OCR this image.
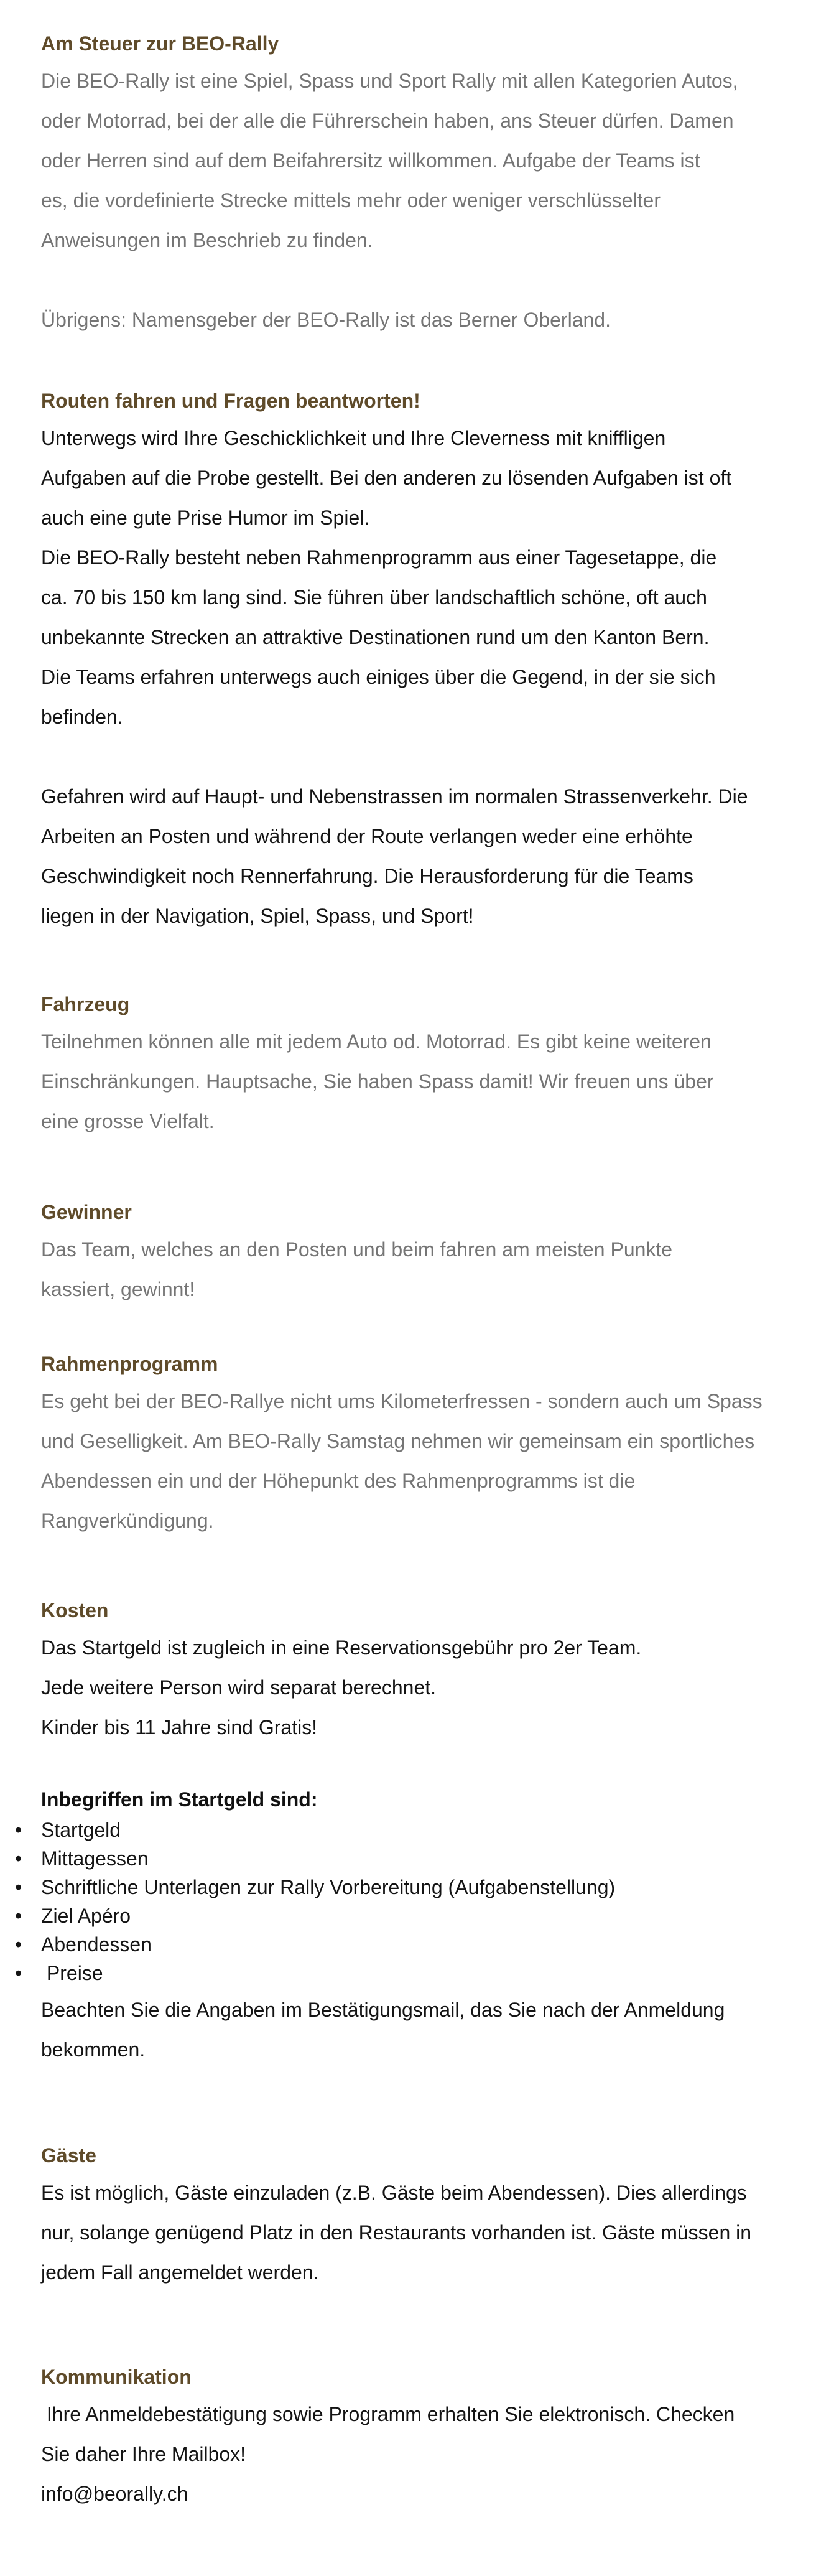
Am Steuer zur BEO-Rally

Die BEO-Rally ist eine Spiel, Spass und Sport Rally mit allen Kategorien Autos,

oder Motorrad, bei der alle die Führerschein haben, ans Steuer dürfen. Damen

oder Herren sind auf dem Beifahrersitz willkommen. Aufgabe der Teams ist

es, die vordefinierte Strecke mittels mehr oder weniger verschlüsselter

Anweisungen im Beschrieb zu finden.

Übrigens: Namensgeber der BEO-Rally ist das Berner Oberland.

Routen fahren und Fragen beantworten!

Unterwegs wird Ihre Geschicklichkeit und Ihre Cleverness mit kniffligen

Aufgaben auf die Probe gestellt. Bei den anderen zu lösenden Aufgaben ist oft

auch eine gute Prise Humor im Spiel.

Die BEO-Rally besteht neben Rahmenprogramm aus einer Tagesetappe, die

ca. 70 bis 150 km lang sind. Sie führen über landschaftlich schöne, oft auch

unbekannte Strecken an attraktive Destinationen rund um den Kanton Bern.

Die Teams erfahren unterwegs auch einiges über die Gegend, in der sie sich

befinden.

Gefahren wird auf Haupt- und Nebenstrassen im normalen Strassenverkehr. Die

Arbeiten an Posten und während der Route verlangen weder eine erhöhte

Geschwindigkeit noch Rennerfahrung. Die Herausforderung für die Teams

liegen in der Navigation, Spiel, Spass, und Sport!

Fahrzeug

Teilnehmen können alle mit jedem Auto od. Motorrad. Es gibt keine weiteren

Einschränkungen. Hauptsache, Sie haben Spass damit! Wir freuen uns über

eine grosse Vielfalt.

Gewinner

Das Team, welches an den Posten und beim fahren am meisten Punkte

kassiert, gewinnt!

Rahmenprogramm

Es geht bei der BEO-Rallye nicht ums Kilometerfressen - sondern auch um Spass

und Geselligkeit. Am BEO-Rally Samstag nehmen wir gemeinsam ein sportliches

Abendessen ein und der Höhepunkt des Rahmenprogramms ist die

Rangverkündigung.

Kosten

Das Startgeld ist zugleich in eine Reservationsgebühr pro 2er Team.

Jede weitere Person wird separat berechnet.

Kinder bis 11 Jahre sind Gratis!

Inbegriffen im Startgeld sind:

• Startgeld
• Mittagessen
• Schriftliche Unterlagen zur Rally Vorbereitung (Aufgabenstellung)
• Ziel Apéro
• Abendessen
• Preise

Beachten Sie die Angaben im Bestätigungsmail, das Sie nach der Anmeldung

bekommen.

Gäste

Es ist möglich, Gäste einzuladen (z.B. Gäste beim Abendessen). Dies allerdings

nur, solange genügend Platz in den Restaurants vorhanden ist. Gäste müssen in

jedem Fall angemeldet werden.

Kommunikation

Ihre Anmeldebestätigung sowie Programm erhalten Sie elektronisch. Checken

Sie daher Ihre Mailbox!

info@beorally.ch
